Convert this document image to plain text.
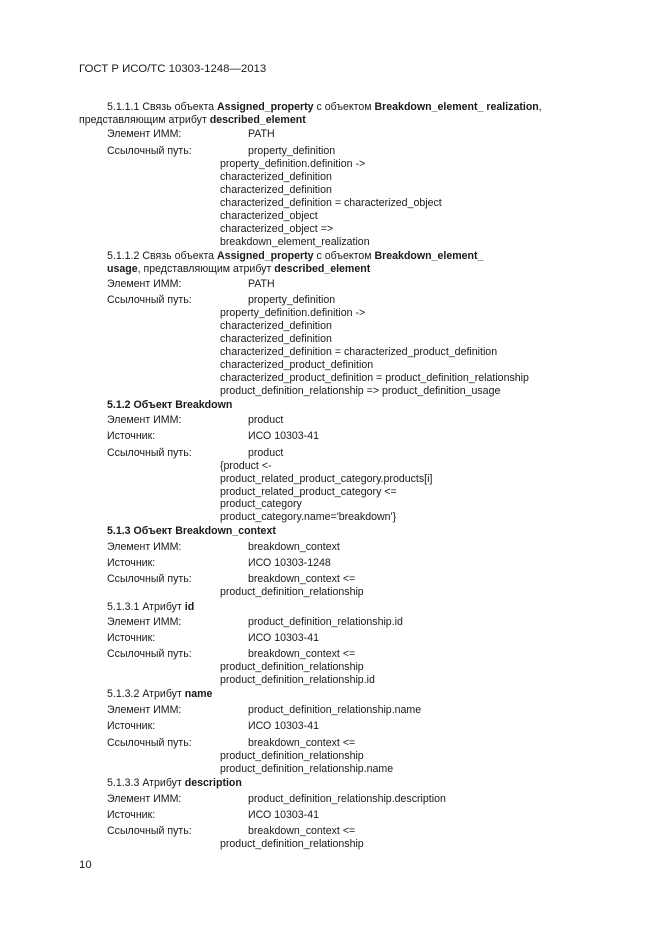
ГОСТ Р ИСО/ТС 10303-1248—2013
5.1.1.1 Связь объекта Assigned_property с объектом Breakdown_element_ realization,
представляющим атрибут described_element
Элемент ИММ:	PATH
Ссылочный путь:	property_definition
property_definition.definition ->
characterized_definition
characterized_definition
characterized_definition = characterized_object
characterized_object
characterized_object =>
breakdown_element_realization
5.1.1.2 Связь объекта Assigned_property с объектом Breakdown_element_
usage, представляющим атрибут described_element
Элемент ИММ:	PATH
Ссылочный путь:	property_definition
property_definition.definition ->
characterized_definition
characterized_definition
characterized_definition = characterized_product_definition
characterized_product_definition
characterized_product_definition = product_definition_relationship
product_definition_relationship => product_definition_usage
5.1.2 Объект Breakdown
Элемент ИММ:	product
Источник:	ИСО 10303-41
Ссылочный путь:	product
{product <-
product_related_product_category.products[i]
product_related_product_category <=
product_category
product_category.name='breakdown'}
5.1.3 Объект Breakdown_context
Элемент ИММ:	breakdown_context
Источник:	ИСО 10303-1248
Ссылочный путь:	breakdown_context <=
product_definition_relationship
5.1.3.1 Атрибут id
Элемент ИММ:	product_definition_relationship.id
Источник:	ИСО 10303-41
Ссылочный путь:	breakdown_context <=
product_definition_relationship
product_definition_relationship.id
5.1.3.2 Атрибут name
Элемент ИММ:	product_definition_relationship.name
Источник:	ИСО 10303-41
Ссылочный путь:	breakdown_context <=
product_definition_relationship
product_definition_relationship.name
5.1.3.3 Атрибут description
Элемент ИММ:	product_definition_relationship.description
Источник:	ИСО 10303-41
Ссылочный путь:	breakdown_context <=
product_definition_relationship
10
